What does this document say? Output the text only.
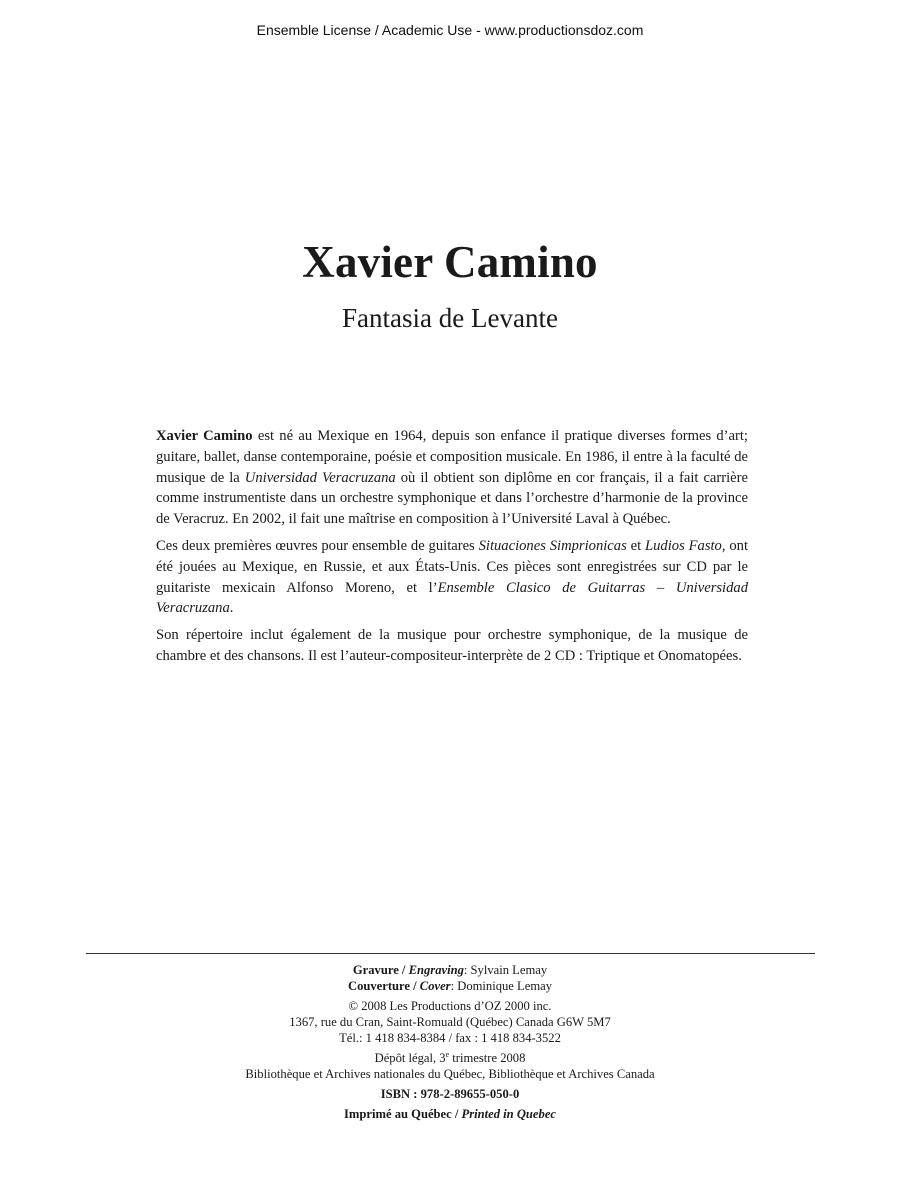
Ensemble License / Academic Use - www.productionsdoz.com
Xavier Camino
Fantasia de Levante

Xavier Camino est né au Mexique en 1964, depuis son enfance il pratique diverses formes d’art; guitare, ballet, danse contemporaine, poésie et composition musicale. En 1986, il entre à la faculté de musique de la Universidad Veracruzana où il obtient son diplôme en cor français, il a fait carrière comme instrumentiste dans un orchestre symphonique et dans l’orchestre d’harmonie de la province de Veracruz. En 2002, il fait une maîtrise en composition à l’Université Laval à Québec.

Ces deux premières œuvres pour ensemble de guitares Situaciones Simprionicas et Ludios Fasto, ont été jouées au Mexique, en Russie, et aux États-Unis. Ces pièces sont enregistrées sur CD par le guitariste mexicain Alfonso Moreno, et l’Ensemble Clasico de Guitarras – Universidad Veracruzana.

Son répertoire inclut également de la musique pour orchestre symphonique, de la musique de chambre et des chansons. Il est l’auteur-compositeur-interprète de 2 CD : Triptique et Onomatopées.

Gravure / Engraving: Sylvain Lemay
Couverture / Cover: Dominique Lemay
© 2008 Les Productions d’OZ 2000 inc.
1367, rue du Cran, Saint-Romuald (Québec) Canada G6W 5M7
Tél.: 1 418 834-8384 / fax : 1 418 834-3522
Dépôt légal, 3e trimestre 2008
Bibliothèque et Archives nationales du Québec, Bibliothèque et Archives Canada
ISBN : 978-2-89655-050-0
Imprimé au Québec / Printed in Quebec
